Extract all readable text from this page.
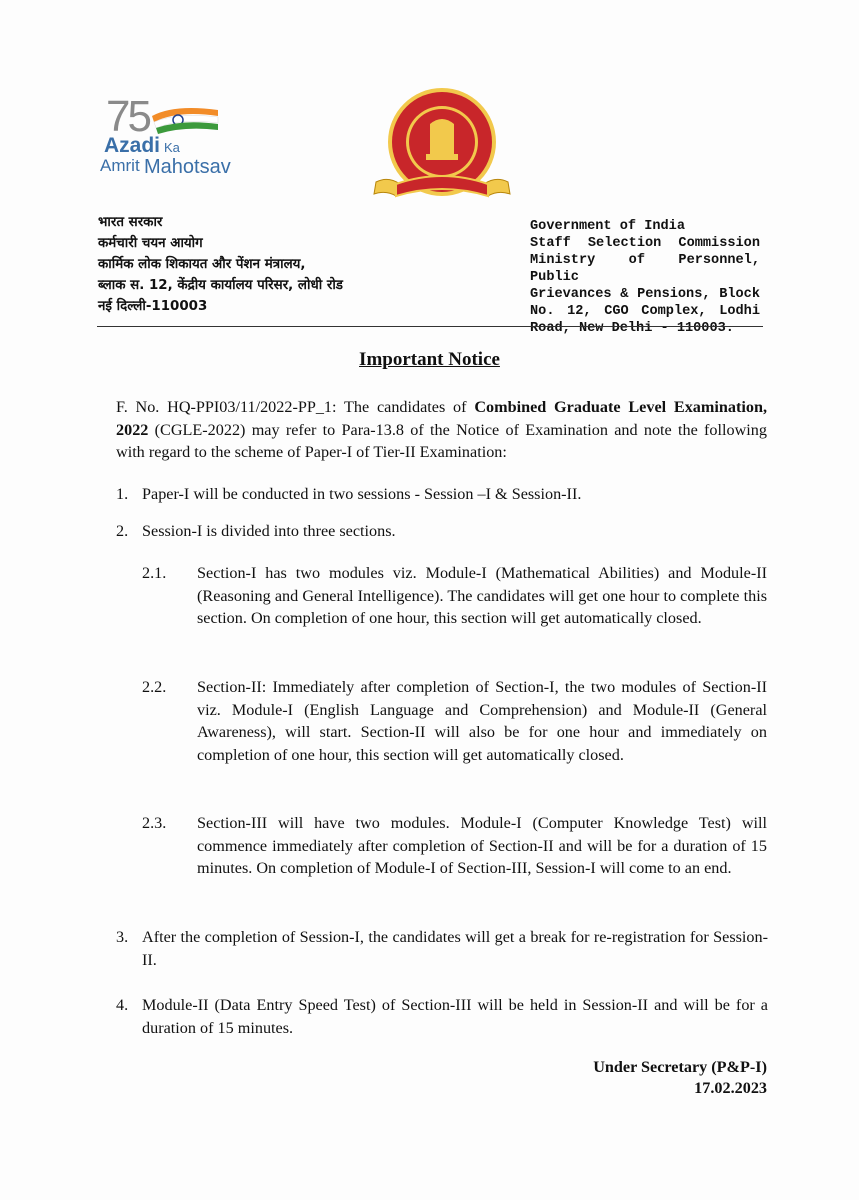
75
Azadi Ka
Amrit Mahotsav
भारत सरकार
कर्मचारी चयन आयोग
कार्मिक लोक शिकायत और पेंशन मंत्रालय,
ब्लाक स. 12, केंद्रीय कार्यालय परिसर, लोधी रोड
नई दिल्ली-110003
Government of India
Staff Selection Commission
Ministry of Personnel, Public
Grievances & Pensions, Block
No. 12, CGO Complex, Lodhi
Road, New Delhi - 110003.
Important Notice
F. No. HQ-PPI03/11/2022-PP_1: The candidates of Combined Graduate Level Examination, 2022 (CGLE-2022) may refer to Para-13.8 of the Notice of Examination and note the following with regard to the scheme of Paper-I of Tier-II Examination:
1. Paper-I will be conducted in two sessions - Session –I & Session-II.
2. Session-I is divided into three sections.
2.1. Section-I has two modules viz. Module-I (Mathematical Abilities) and Module-II (Reasoning and General Intelligence). The candidates will get one hour to complete this section. On completion of one hour, this section will get automatically closed.
2.2. Section-II: Immediately after completion of Section-I, the two modules of Section-II viz. Module-I (English Language and Comprehension) and Module-II (General Awareness), will start. Section-II will also be for one hour and immediately on completion of one hour, this section will get automatically closed.
2.3. Section-III will have two modules. Module-I (Computer Knowledge Test) will commence immediately after completion of Section-II and will be for a duration of 15 minutes. On completion of Module-I of Section-III, Session-I will come to an end.
3. After the completion of Session-I, the candidates will get a break for re-registration for Session-II.
4. Module-II (Data Entry Speed Test) of Section-III will be held in Session-II and will be for a duration of 15 minutes.
Under Secretary (P&P-I)
17.02.2023
